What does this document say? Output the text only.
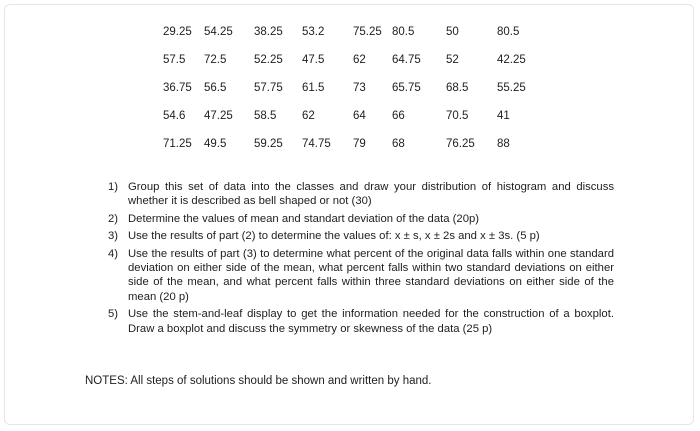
29.25 54.25 38.25 53.2 75.25 80.5	50	80.5
57.5 72.5 52.25 47.5 62 64.75 52	42.25
36.75 56.5 57.75 61.5 73 65.75 68.5 55.25
54.6 47.25 58.5 62	64 66	70.5 41
71.25 49.5 59.25 74.75 79 68	76.25 88
1) Group this set of data into the classes and draw your distribution of histogram and discuss whether it is described as bell shaped or not (30)
2) Determine the values of mean and standart deviation of the data (20p)
3) Use the results of part (2) to determine the values of: x ± s, x ± 2s and x ± 3s. (5 p)
4) Use the results of part (3) to determine what percent of the original data falls within one standard deviation on either side of the mean, what percent falls within two standard deviations on either side of the mean, and what percent falls within three standard deviations on either side of the mean (20 p)
5) Use the stem-and-leaf display to get the information needed for the construction of a boxplot. Draw a boxplot and discuss the symmetry or skewness of the data (25 p)
NOTES: All steps of solutions should be shown and written by hand.
